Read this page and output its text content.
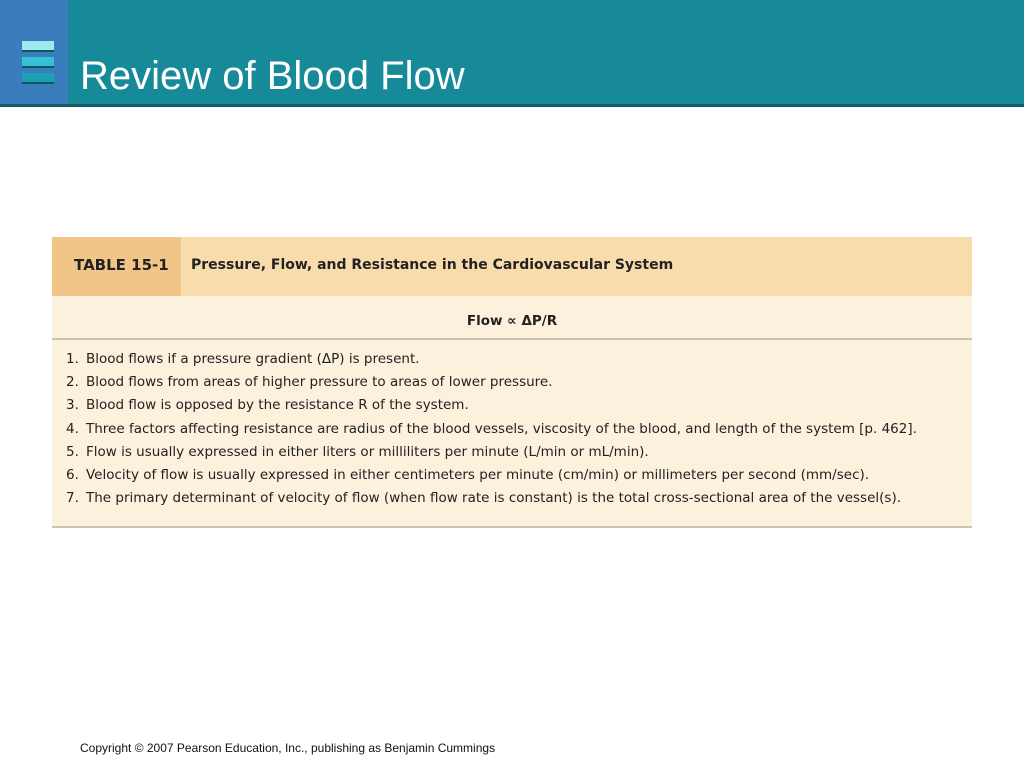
Review of Blood Flow
TABLE 15-1 Pressure, Flow, and Resistance in the Cardiovascular System
Flow ∝ ΔP/R
1. Blood flows if a pressure gradient (ΔP) is present.
2. Blood flows from areas of higher pressure to areas of lower pressure.
3. Blood flow is opposed by the resistance R of the system.
4. Three factors affecting resistance are radius of the blood vessels, viscosity of the blood, and length of the system [p. 462].
5. Flow is usually expressed in either liters or milliliters per minute (L/min or mL/min).
6. Velocity of flow is usually expressed in either centimeters per minute (cm/min) or millimeters per second (mm/sec).
7. The primary determinant of velocity of flow (when flow rate is constant) is the total cross-sectional area of the vessel(s).
Copyright © 2007 Pearson Education, Inc., publishing as Benjamin Cummings
